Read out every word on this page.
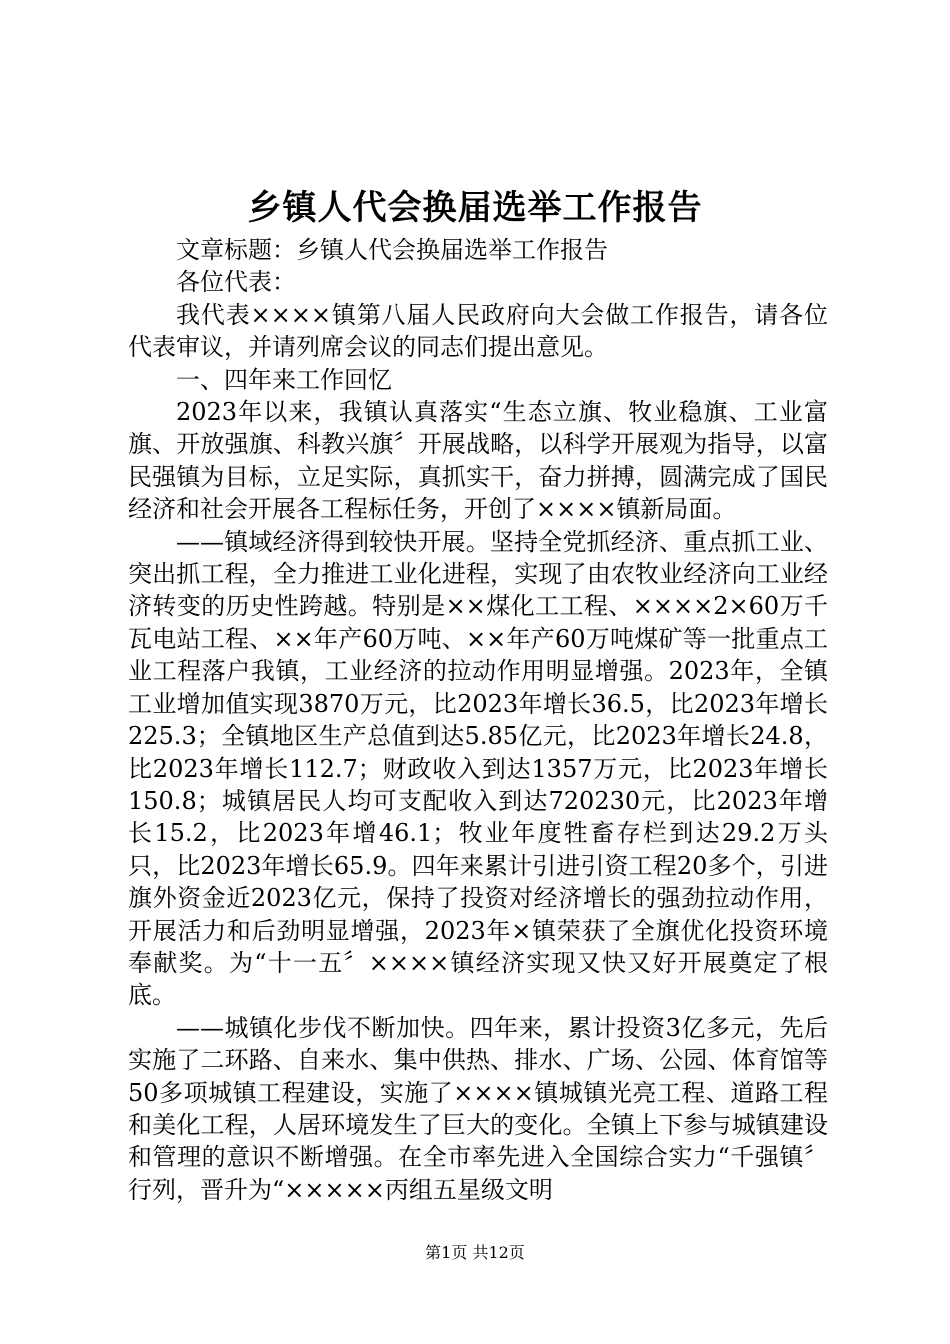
乡镇人代会换届选举工作报告

文章标题：乡镇人代会换届选举工作报告

各位代表：

我代表××××镇第八届人民政府向大会做工作报告，请各位代表审议，并请列席会议的同志们提出意见。

一、四年来工作回忆

2023年以来，我镇认真落实“生态立旗、牧业稳旗、工业富旗、开放强旗、科教兴旗〞开展战略，以科学开展观为指导，以富民强镇为目标，立足实际，真抓实干，奋力拼搏，圆满完成了国民经济和社会开展各工程标任务，开创了××××镇新局面。

——镇域经济得到较快开展。坚持全党抓经济、重点抓工业、突出抓工程，全力推进工业化进程，实现了由农牧业经济向工业经济转变的历史性跨越。特别是××煤化工工程、××××2×60万千瓦电站工程、××年产60万吨、××年产60万吨煤矿等一批重点工业工程落户我镇，工业经济的拉动作用明显增强。2023年，全镇工业增加值实现3870万元，比2023年增长36.5，比2023年增长225.3；全镇地区生产总值到达5.85亿元，比2023年增长24.8，比2023年增长112.7；财政收入到达1357万元，比2023年增长150.8；城镇居民人均可支配收入到达720230元，比2023年增长15.2，比2023年增46.1；牧业年度牲畜存栏到达29.2万头只，比2023年增长65.9。四年来累计引进引资工程20多个，引进旗外资金近2023亿元，保持了投资对经济增长的强劲拉动作用，开展活力和后劲明显增强，2023年×镇荣获了全旗优化投资环境奉献奖。为“十一五〞××××镇经济实现又快又好开展奠定了根底。

——城镇化步伐不断加快。四年来，累计投资3亿多元，先后实施了二环路、自来水、集中供热、排水、广场、公园、体育馆等50多项城镇工程建设，实施了××××镇城镇光亮工程、道路工程和美化工程，人居环境发生了巨大的变化。全镇上下参与城镇建设和管理的意识不断增强。在全市率先进入全国综合实力“千强镇〞行列，晋升为“×××××丙组五星级文明

第1页 共12页
